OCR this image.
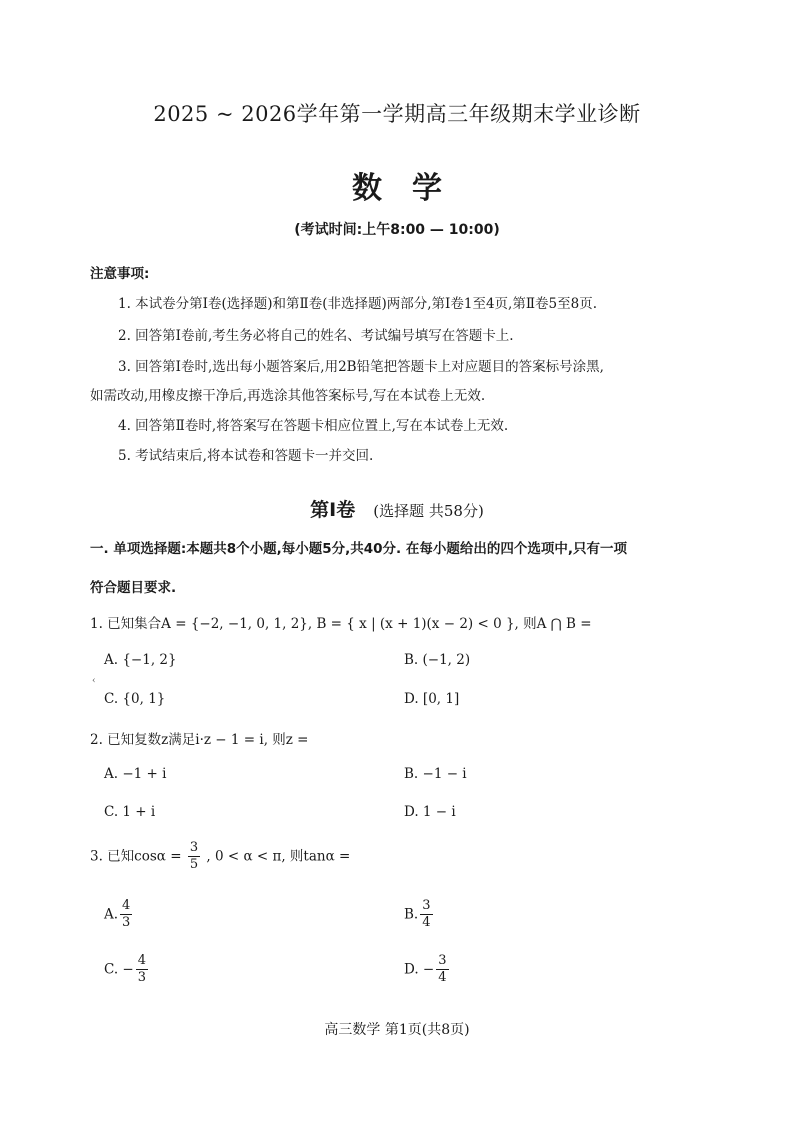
2025 ~ 2026学年第一学期高三年级期末学业诊断
数学
(考试时间:上午8:00 — 10:00)
注意事项:
1. 本试卷分第Ⅰ卷(选择题)和第Ⅱ卷(非选择题)两部分,第Ⅰ卷1至4页,第Ⅱ卷5至8页.
2. 回答第Ⅰ卷前,考生务必将自己的姓名、考试编号填写在答题卡上.
3. 回答第Ⅰ卷时,选出每小题答案后,用2B铅笔把答题卡上对应题目的答案标号涂黑,
如需改动,用橡皮擦干净后,再选涂其他答案标号,写在本试卷上无效.
4. 回答第Ⅱ卷时,将答案写在答题卡相应位置上,写在本试卷上无效.
5. 考试结束后,将本试卷和答题卡一并交回.
第Ⅰ卷 (选择题 共58分)
一. 单项选择题:本题共8个小题,每小题5分,共40分. 在每小题给出的四个选项中,只有一项
符合题目要求.
1. 已知集合A = {−2, −1, 0, 1, 2}, B = { x | (x + 1)(x − 2) < 0 }, 则A ⋂ B =
A. {−1, 2}	B. (−1, 2)
‹
C. {0, 1}	D. [0, 1]
2. 已知复数z满足i·z − 1 = i, 则z =
A. −1 + i	B. −1 − i
C. 1 + i	D. 1 − i
3. 已知$\cos\alpha = \frac{3}{5}$ , 0 < α < π, 则tanα =
A. $\frac{4}{3}$	B. $\frac{3}{4}$
C. − $\frac{4}{3}$	D. − $\frac{3}{4}$
高三数学 第1页(共8页)
